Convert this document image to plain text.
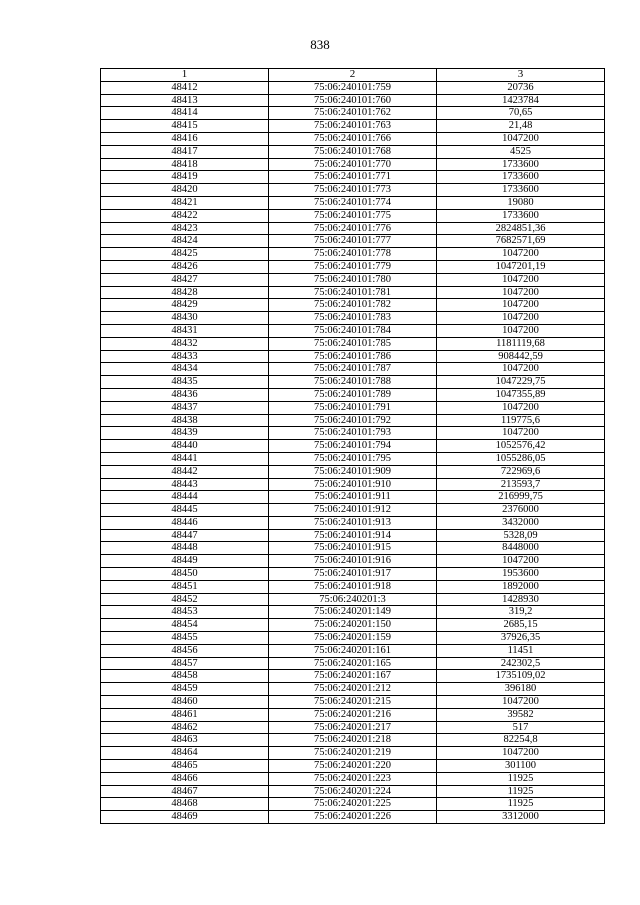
838
1	2	3
48412	75:06:240101:759	20736
48413	75:06:240101:760	1423784
48414	75:06:240101:762	70,65
48415	75:06:240101:763	21,48
48416	75:06:240101:766	1047200
48417	75:06:240101:768	4525
48418	75:06:240101:770	1733600
48419	75:06:240101:771	1733600
48420	75:06:240101:773	1733600
48421	75:06:240101:774	19080
48422	75:06:240101:775	1733600
48423	75:06:240101:776	2824851,36
48424	75:06:240101:777	7682571,69
48425	75:06:240101:778	1047200
48426	75:06:240101:779	1047201,19
48427	75:06:240101:780	1047200
48428	75:06:240101:781	1047200
48429	75:06:240101:782	1047200
48430	75:06:240101:783	1047200
48431	75:06:240101:784	1047200
48432	75:06:240101:785	1181119,68
48433	75:06:240101:786	908442,59
48434	75:06:240101:787	1047200
48435	75:06:240101:788	1047229,75
48436	75:06:240101:789	1047355,89
48437	75:06:240101:791	1047200
48438	75:06:240101:792	119775,6
48439	75:06:240101:793	1047200
48440	75:06:240101:794	1052576,42
48441	75:06:240101:795	1055286,05
48442	75:06:240101:909	722969,6
48443	75:06:240101:910	213593,7
48444	75:06:240101:911	216999,75
48445	75:06:240101:912	2376000
48446	75:06:240101:913	3432000
48447	75:06:240101:914	5328,09
48448	75:06:240101:915	8448000
48449	75:06:240101:916	1047200
48450	75:06:240101:917	1953600
48451	75:06:240101:918	1892000
48452	75:06:240201:3	1428930
48453	75:06:240201:149	319,2
48454	75:06:240201:150	2685,15
48455	75:06:240201:159	37926,35
48456	75:06:240201:161	11451
48457	75:06:240201:165	242302,5
48458	75:06:240201:167	1735109,02
48459	75:06:240201:212	396180
48460	75:06:240201:215	1047200
48461	75:06:240201:216	39582
48462	75:06:240201:217	517
48463	75:06:240201:218	82254,8
48464	75:06:240201:219	1047200
48465	75:06:240201:220	301100
48466	75:06:240201:223	11925
48467	75:06:240201:224	11925
48468	75:06:240201:225	11925
48469	75:06:240201:226	3312000
